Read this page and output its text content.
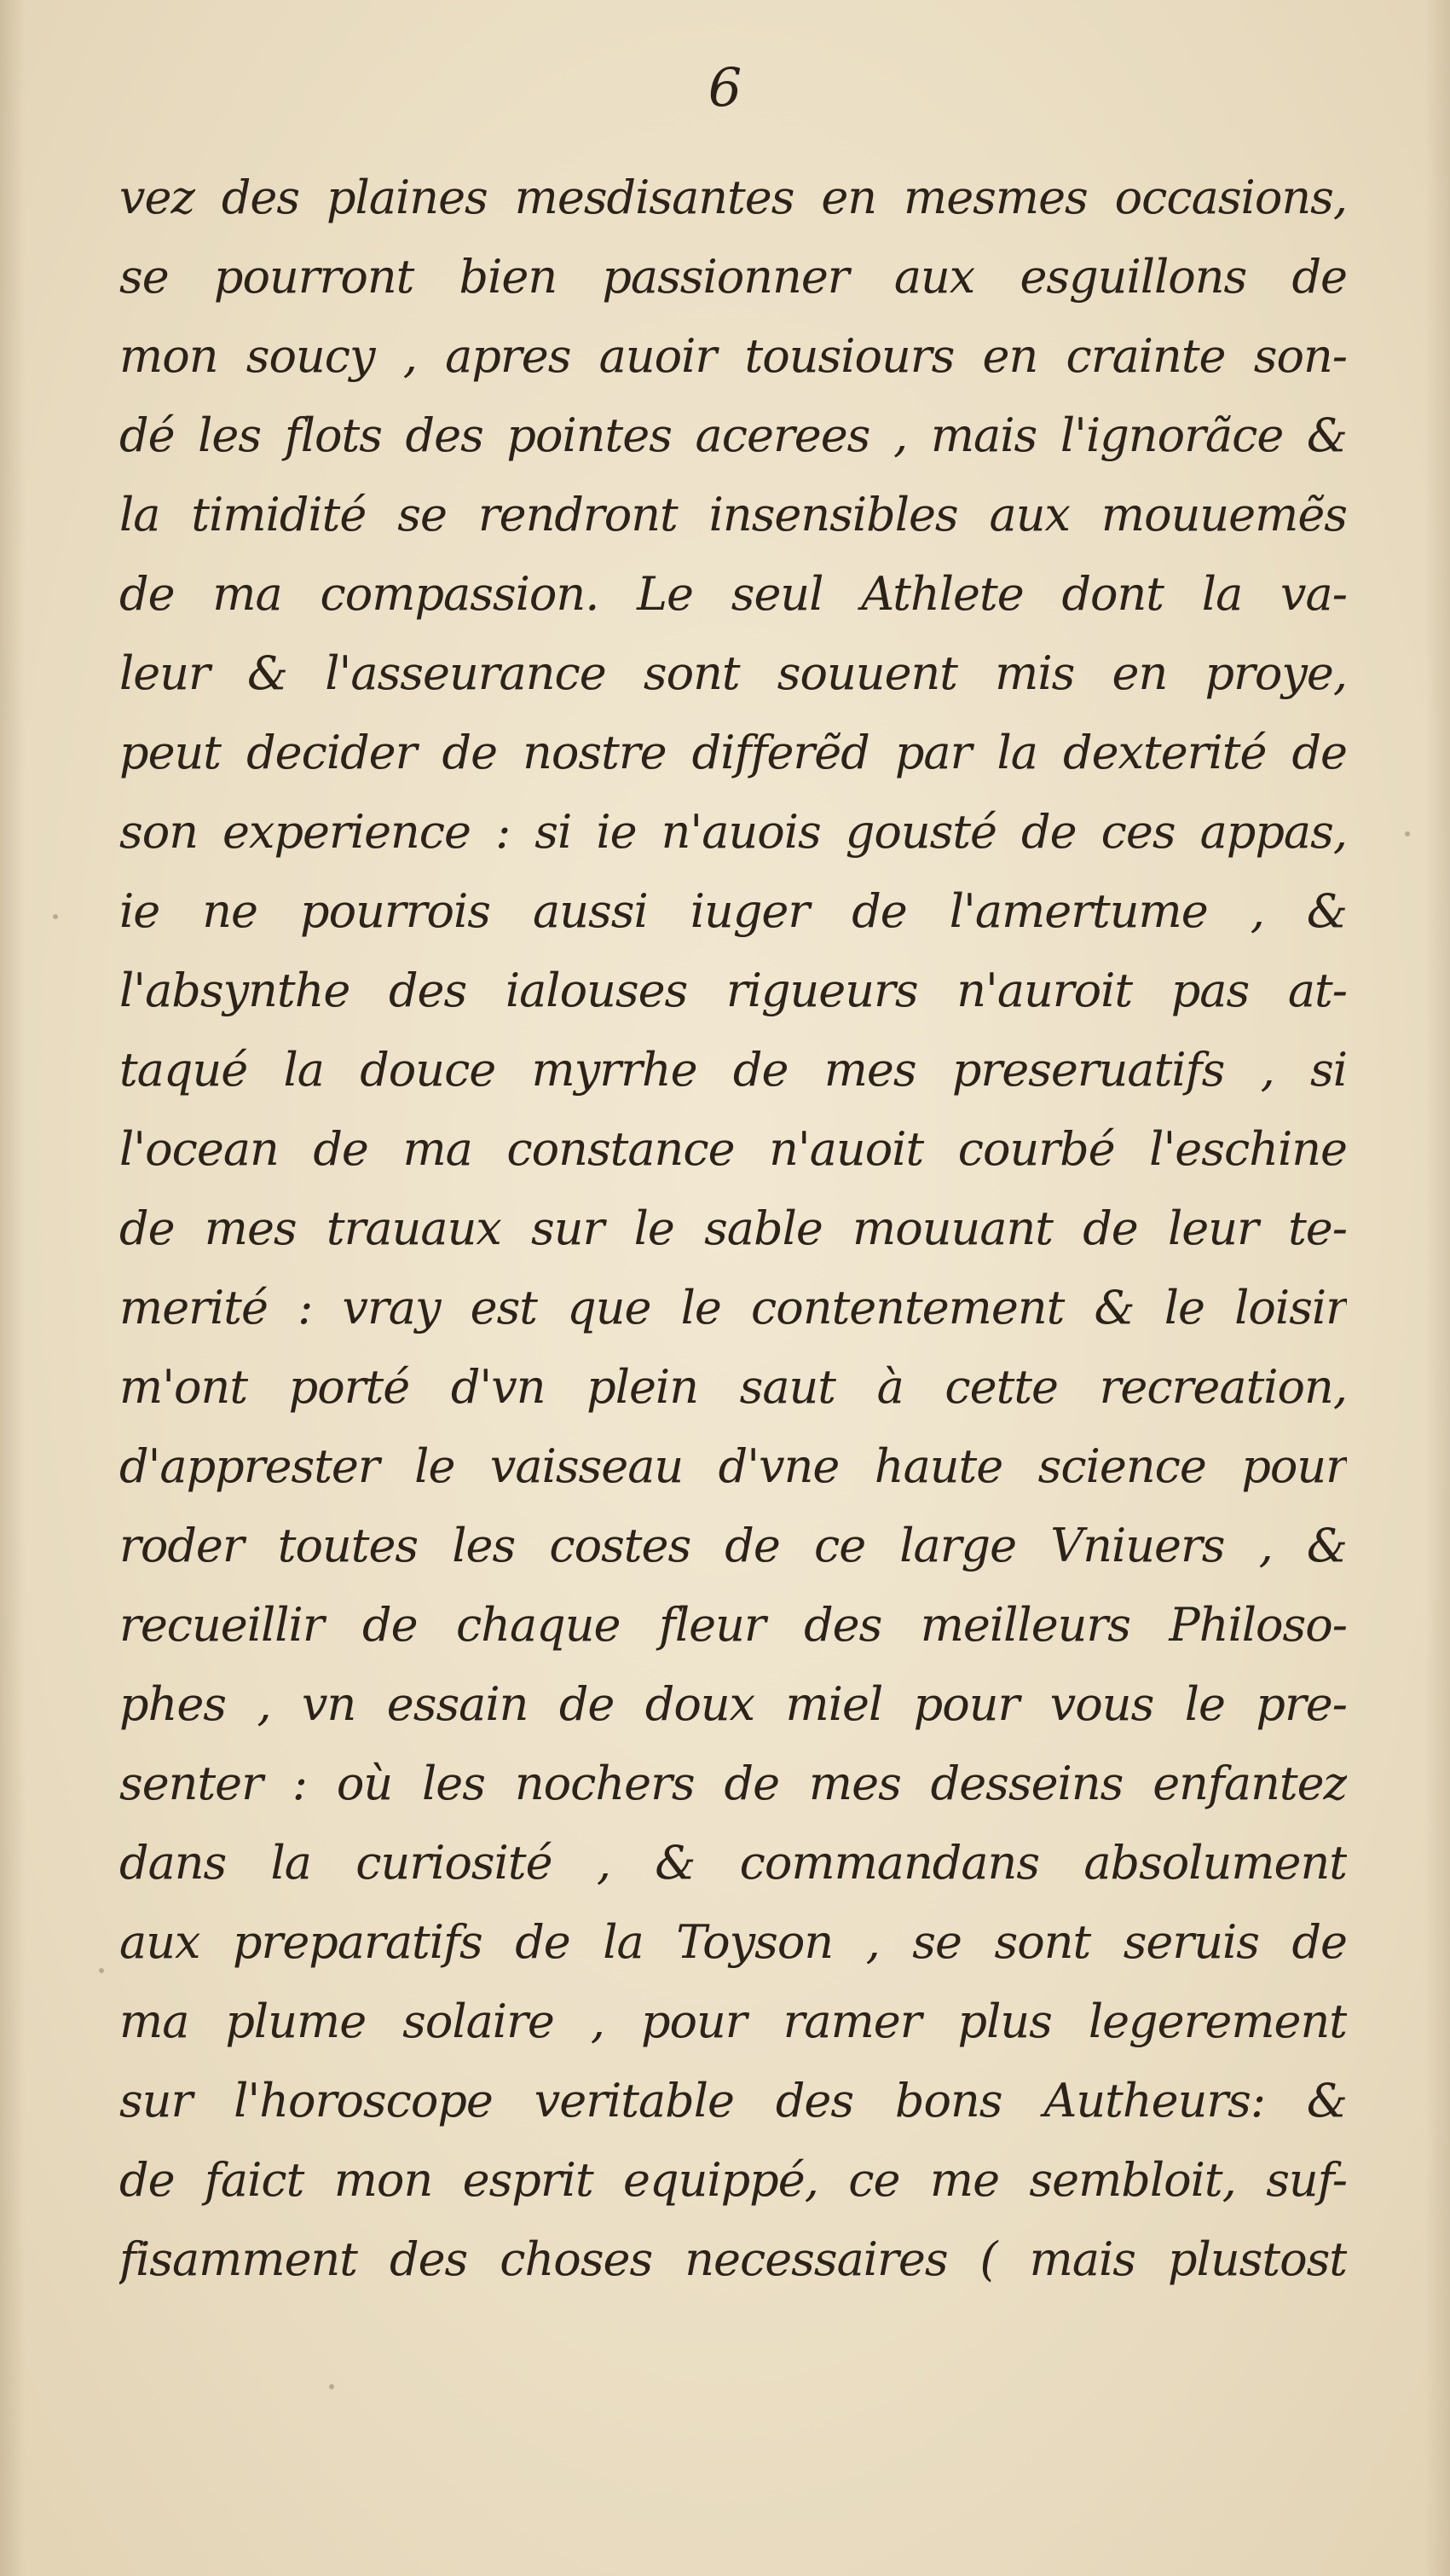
6
vez des plaines mesdisantes en mesmes occasions,
se pourront bien passionner aux esguillons de
mon soucy , apres auoir tousiours en crainte son-
dé les flots des pointes acerees , mais l'ignorãce &
la timidité se rendront insensibles aux mouuemẽs
de ma compassion. Le seul Athlete dont la va-
leur & l'asseurance sont souuent mis en proye,
peut decider de nostre differẽd par la dexterité de
son experience : si ie n'auois gousté de ces appas,
ie ne pourrois aussi iuger de l'amertume , &
l'absynthe des ialouses rigueurs n'auroit pas at-
taqué la douce myrrhe de mes preseruatifs , si
l'ocean de ma constance n'auoit courbé l'eschine
de mes trauaux sur le sable mouuant de leur te-
merité : vray est que le contentement & le loisir
m'ont porté d'vn plein saut à cette recreation,
d'apprester le vaisseau d'vne haute science pour
roder toutes les costes de ce large Vniuers , &
recueillir de chaque fleur des meilleurs Philoso-
phes , vn essain de doux miel pour vous le pre-
senter : où les nochers de mes desseins enfantez
dans la curiosité , & commandans absolument
aux preparatifs de la Toyson , se sont seruis de
ma plume solaire , pour ramer plus legerement
sur l'horoscope veritable des bons Autheurs: &
de faict mon esprit equippé, ce me sembloit, suf-
fisamment des choses necessaires ( mais plustost
